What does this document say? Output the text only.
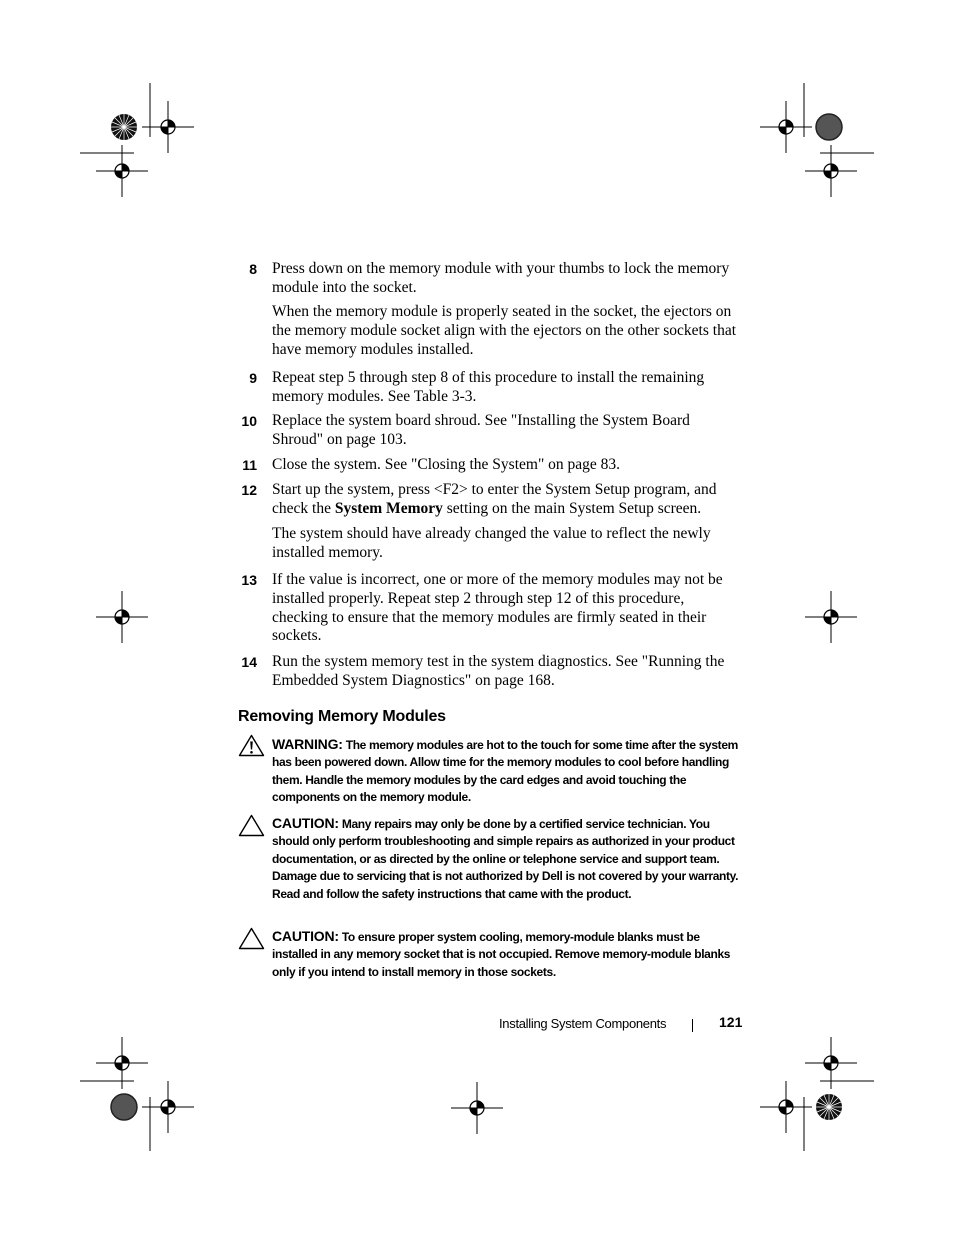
8 Press down on the memory module with your thumbs to lock the memory module into the socket.
When the memory module is properly seated in the socket, the ejectors on the memory module socket align with the ejectors on the other sockets that have memory modules installed.
9 Repeat step 5 through step 8 of this procedure to install the remaining memory modules. See Table 3-3.
10 Replace the system board shroud. See "Installing the System Board Shroud" on page 103.
11 Close the system. See "Closing the System" on page 83.
12 Start up the system, press <F2> to enter the System Setup program, and check the System Memory setting on the main System Setup screen.
The system should have already changed the value to reflect the newly installed memory.
13 If the value is incorrect, one or more of the memory modules may not be installed properly. Repeat step 2 through step 12 of this procedure, checking to ensure that the memory modules are firmly seated in their sockets.
14 Run the system memory test in the system diagnostics. See "Running the Embedded System Diagnostics" on page 168.
Removing Memory Modules
WARNING: The memory modules are hot to the touch for some time after the system has been powered down. Allow time for the memory modules to cool before handling them. Handle the memory modules by the card edges and avoid touching the components on the memory module.
CAUTION: Many repairs may only be done by a certified service technician. You should only perform troubleshooting and simple repairs as authorized in your product documentation, or as directed by the online or telephone service and support team. Damage due to servicing that is not authorized by Dell is not covered by your warranty. Read and follow the safety instructions that came with the product.
CAUTION: To ensure proper system cooling, memory-module blanks must be installed in any memory socket that is not occupied. Remove memory-module blanks only if you intend to install memory in those sockets.
Installing System Components	121
